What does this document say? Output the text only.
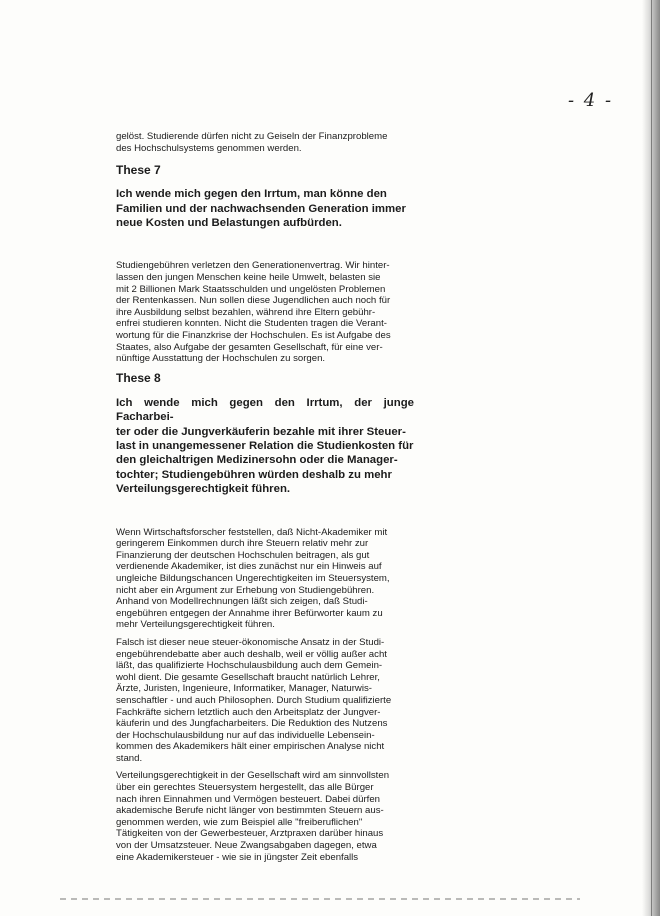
- 4 -

gelöst. Studierende dürfen nicht zu Geiseln der Finanzprobleme
des Hochschulsystems genommen werden.

These 7

Ich wende mich gegen den Irrtum, man könne den
Familien und der nachwachsenden Generation immer
neue Kosten und Belastungen aufbürden.

Studiengebühren verletzen den Generationenvertrag. Wir hinter-
lassen den jungen Menschen keine heile Umwelt, belasten sie
mit 2 Billionen Mark Staatsschulden und ungelösten Problemen
der Rentenkassen. Nun sollen diese Jugendlichen auch noch für
ihre Ausbildung selbst bezahlen, während ihre Eltern gebühr-
enfrei studieren konnten. Nicht die Studenten tragen die Verant-
wortung für die Finanzkrise der Hochschulen. Es ist Aufgabe des
Staates, also Aufgabe der gesamten Gesellschaft, für eine ver-
nünftige Ausstattung der Hochschulen zu sorgen.

These 8

Ich wende mich gegen den Irrtum, der junge Facharbei-
ter oder die Jungverkäuferin bezahle mit ihrer Steuer-
last in unangemessener Relation die Studienkosten für
den gleichaltrigen Medizinersohn oder die Manager-
tochter; Studiengebühren würden deshalb zu mehr
Verteilungsgerechtigkeit führen.

Wenn Wirtschaftsforscher feststellen, daß Nicht-Akademiker mit
geringerem Einkommen durch ihre Steuern relativ mehr zur
Finanzierung der deutschen Hochschulen beitragen, als gut
verdienende Akademiker, ist dies zunächst nur ein Hinweis auf
ungleiche Bildungschancen Ungerechtigkeiten im Steuersystem,
nicht aber ein Argument zur Erhebung von Studiengebühren.
Anhand von Modellrechnungen läßt sich zeigen, daß Studi-
engebühren entgegen der Annahme ihrer Befürworter kaum zu
mehr Verteilungsgerechtigkeit führen.

Falsch ist dieser neue steuer-ökonomische Ansatz in der Studi-
engebührendebatte aber auch deshalb, weil er völlig außer acht
läßt, das qualifizierte Hochschulausbildung auch dem Gemein-
wohl dient. Die gesamte Gesellschaft braucht natürlich Lehrer,
Ärzte, Juristen, Ingenieure, Informatiker, Manager, Naturwis-
senschaftler - und auch Philosophen. Durch Studium qualifizierte
Fachkräfte sichern letztlich auch den Arbeitsplatz der Jungver-
käuferin und des Jungfacharbeiters. Die Reduktion des Nutzens
der Hochschulausbildung nur auf das individuelle Lebensein-
kommen des Akademikers hält einer empirischen Analyse nicht
stand.

Verteilungsgerechtigkeit in der Gesellschaft wird am sinnvollsten
über ein gerechtes Steuersystem hergestellt, das alle Bürger
nach ihren Einnahmen und Vermögen besteuert. Dabei dürfen
akademische Berufe nicht länger von bestimmten Steuern aus-
genommen werden, wie zum Beispiel alle "freiberuflichen"
Tätigkeiten von der Gewerbesteuer, Arztpraxen darüber hinaus
von der Umsatzsteuer. Neue Zwangsabgaben dagegen, etwa
eine Akademikersteuer - wie sie in jüngster Zeit ebenfalls
